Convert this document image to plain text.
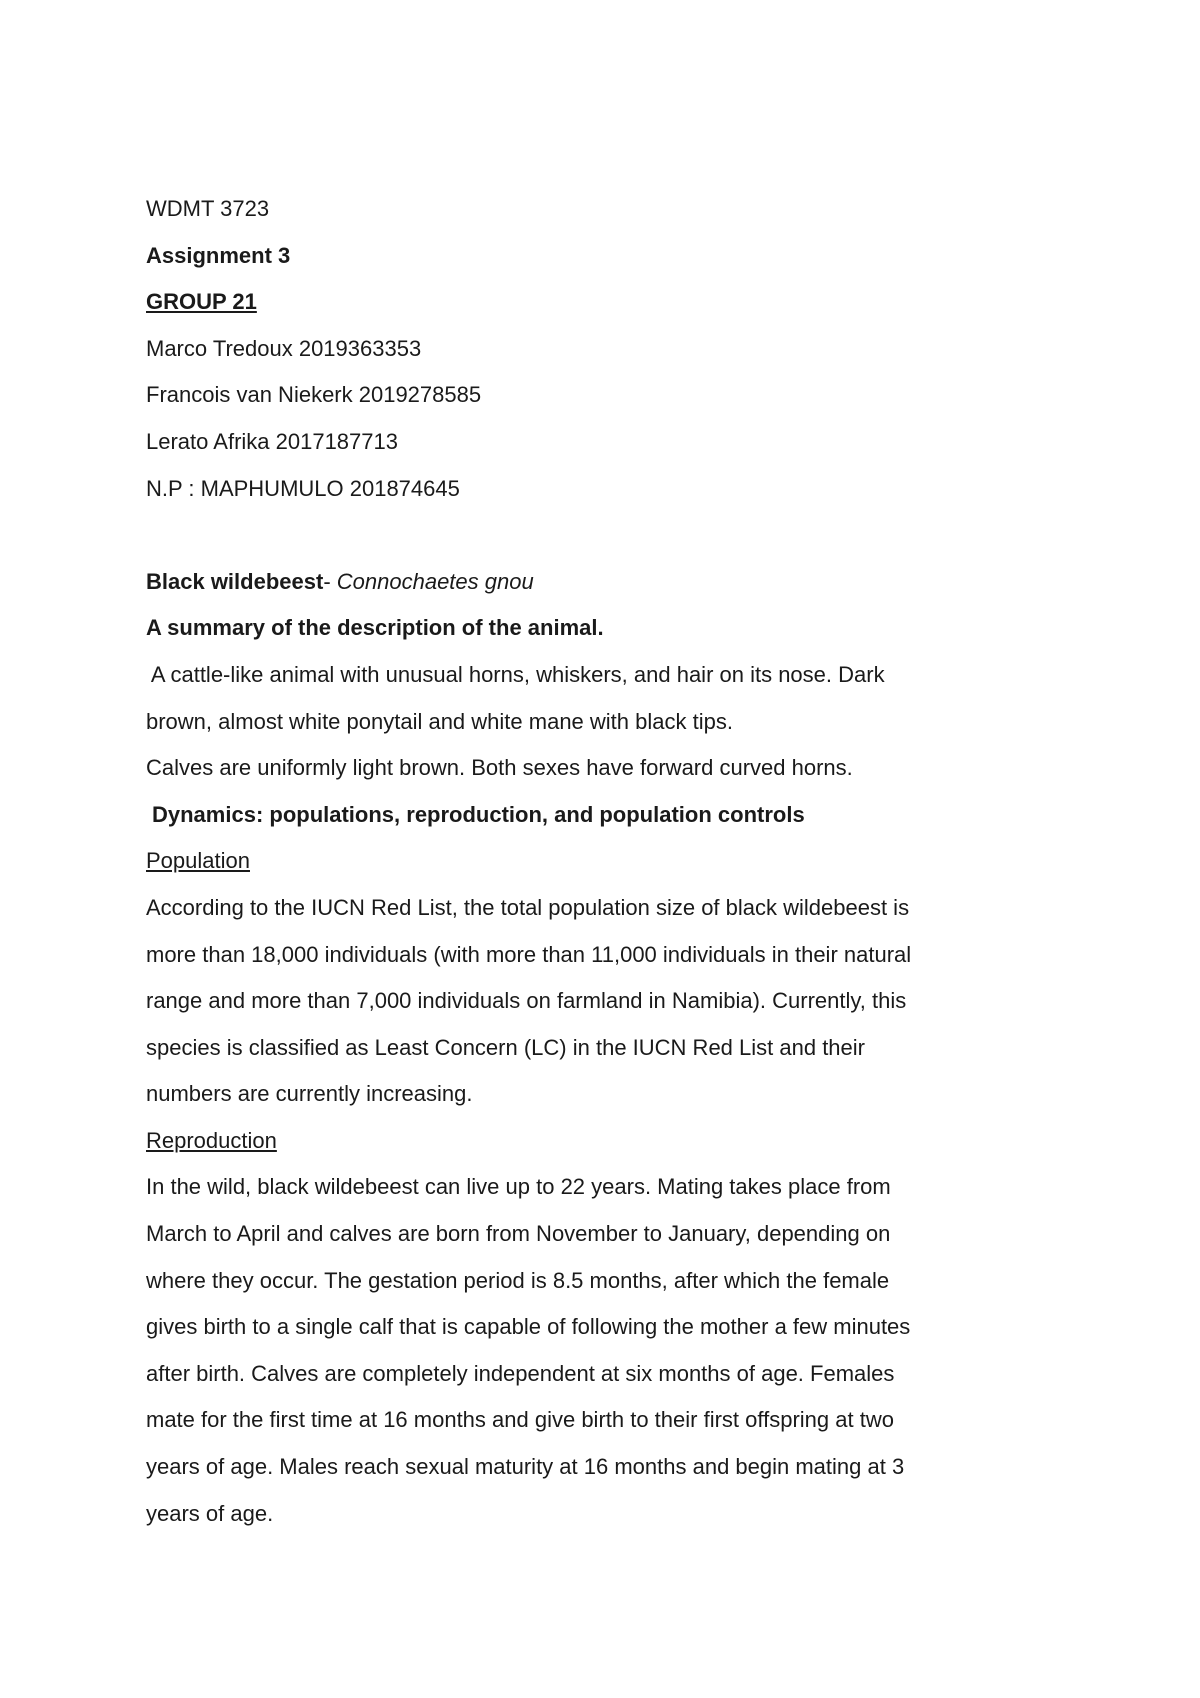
WDMT 3723

Assignment 3

GROUP 21

Marco Tredoux 2019363353

Francois van Niekerk 2019278585

Lerato Afrika 2017187713

N.P : MAPHUMULO 201874645

Black wildebeest- Connochaetes gnou

A summary of the description of the animal.

A cattle-like animal with unusual horns, whiskers, and hair on its nose. Dark

brown, almost white ponytail and white mane with black tips.

Calves are uniformly light brown. Both sexes have forward curved horns.

Dynamics: populations, reproduction, and population controls

Population

According to the IUCN Red List, the total population size of black wildebeest is

more than 18,000 individuals (with more than 11,000 individuals in their natural

range and more than 7,000 individuals on farmland in Namibia). Currently, this

species is classified as Least Concern (LC) in the IUCN Red List and their

numbers are currently increasing.

Reproduction

In the wild, black wildebeest can live up to 22 years. Mating takes place from

March to April and calves are born from November to January, depending on

where they occur. The gestation period is 8.5 months, after which the female

gives birth to a single calf that is capable of following the mother a few minutes

after birth. Calves are completely independent at six months of age. Females

mate for the first time at 16 months and give birth to their first offspring at two

years of age. Males reach sexual maturity at 16 months and begin mating at 3

years of age.
